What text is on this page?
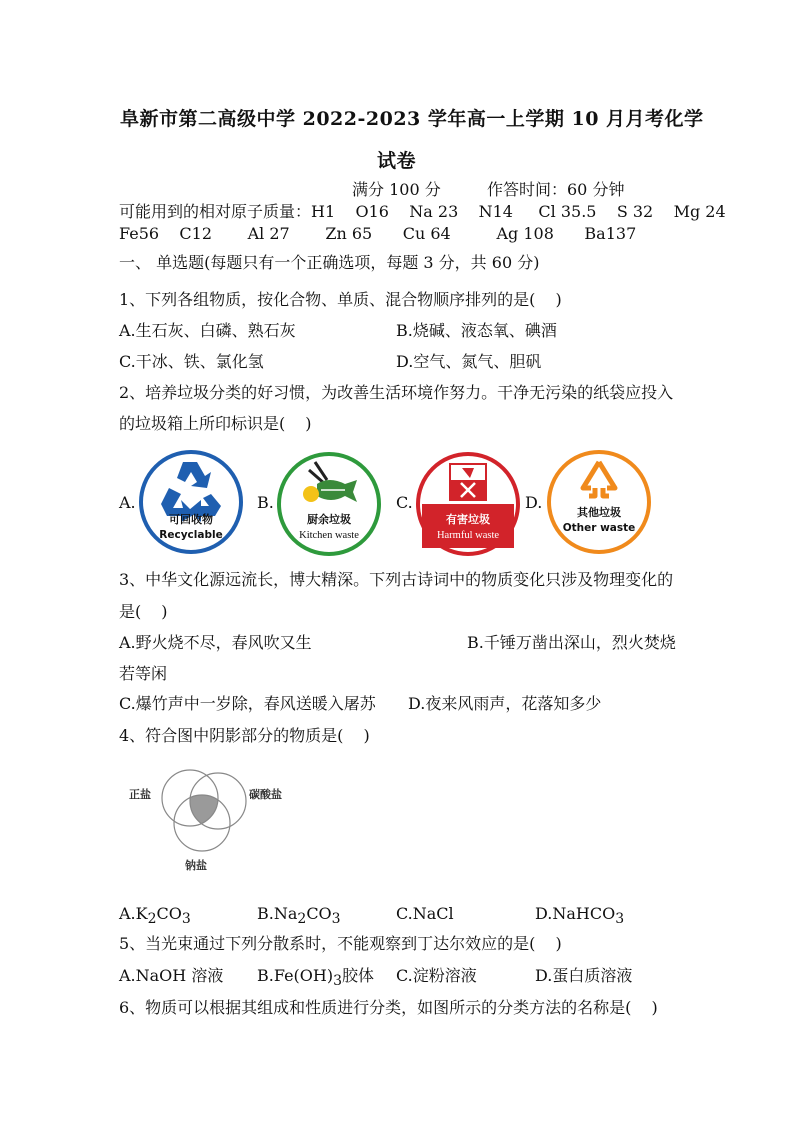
阜新市第二高级中学 2022-2023 学年高一上学期 10 月月考化学
试卷
满分 100 分	作答时间：60 分钟
可能用到的相对原子质量：H1    O16    Na 23    N14     Cl 35.5    S 32    Mg 24
Fe56    C12       Al 27       Zn 65      Cu 64         Ag 108      Ba137
一、 单选题(每题只有一个正确选项，每题 3 分，共 60 分)
1、下列各组物质，按化合物、单质、混合物顺序排列的是( )
A.生石灰、白磷、熟石灰	B.烧碱、液态氧、碘酒
C.干冰、铁、氯化氢	D.空气、氮气、胆矾
2、培养垃圾分类的好习惯，为改善生活环境作努力。干净无污染的纸袋应投入
的垃圾箱上所印标识是( )
A.	B.	C.	D.
可回收物
Recyclable
厨余垃圾
Kitchen waste
有害垃圾
Harmful waste
其他垃圾
Other waste
3、中华文化源远流长，博大精深。下列古诗词中的物质变化只涉及物理变化的
是( )
A.野火烧不尽，春风吹又生	B.千锤万凿出深山，烈火焚烧
若等闲
C.爆竹声中一岁除，春风送暖入屠苏 D.夜来风雨声，花落知多少
4、符合图中阴影部分的物质是( )
正盐	碳酸盐
钠盐
$A.K_2CO_3$	$B.Na_2CO_3$	C.NaCl	D.NaHCO$_3$
5、当光束通过下列分散系时，不能观察到丁达尔效应的是( )
A.NaOH 溶液 $B.Fe(OH)_3$胶体 C.淀粉溶液	D.蛋白质溶液
6、物质可以根据其组成和性质进行分类，如图所示的分类方法的名称是( )
